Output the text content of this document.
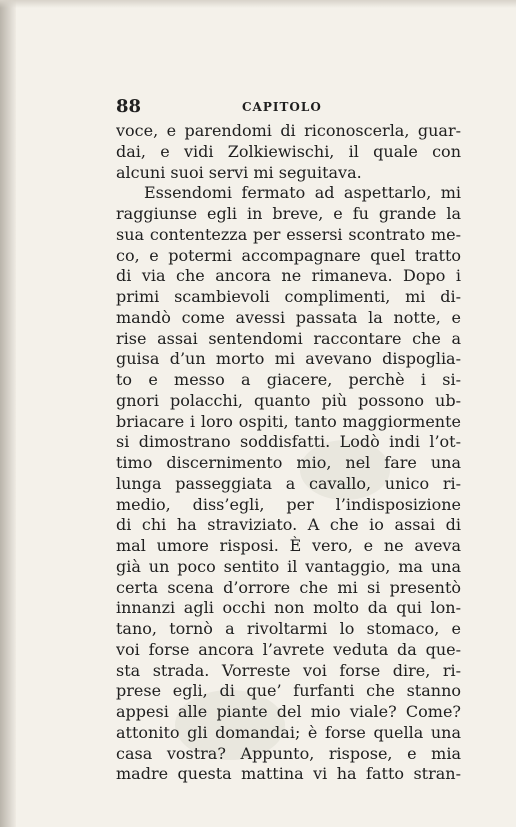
88	CAPITOLO
voce, e parendomi di riconoscerla, guar-
dai, e vidi Zolkiewischi, il quale con
alcuni suoi servi mi seguitava.
Essendomi fermato ad aspettarlo, mi
raggiunse egli in breve, e fu grande la
sua contentezza per essersi scontrato me-
co, e potermi accompagnare quel tratto
di via che ancora ne rimaneva. Dopo i
primi scambievoli complimenti, mi di-
mandò come avessi passata la notte, e
rise assai sentendomi raccontare che a
guisa d’un morto mi avevano dispoglia-
to e messo a giacere, perchè i si-
gnori polacchi, quanto più possono ub-
briacare i loro ospiti, tanto maggiormente
si dimostrano soddisfatti. Lodò indi l’ot-
timo discernimento mio, nel fare una
lunga passeggiata a cavallo, unico ri-
medio, diss’egli, per l’indisposizione
di chi ha straviziato. A che io assai di
mal umore risposi. È vero, e ne aveva
già un poco sentito il vantaggio, ma una
certa scena d’orrore che mi si presentò
innanzi agli occhi non molto da qui lon-
tano, tornò a rivoltarmi lo stomaco, e
voi forse ancora l’avrete veduta da que-
sta strada. Vorreste voi forse dire, ri-
prese egli, di que’ furfanti che stanno
appesi alle piante del mio viale? Come?
attonito gli domandai; è forse quella una
casa vostra? Appunto, rispose, e mia
madre questa mattina vi ha fatto stran-
